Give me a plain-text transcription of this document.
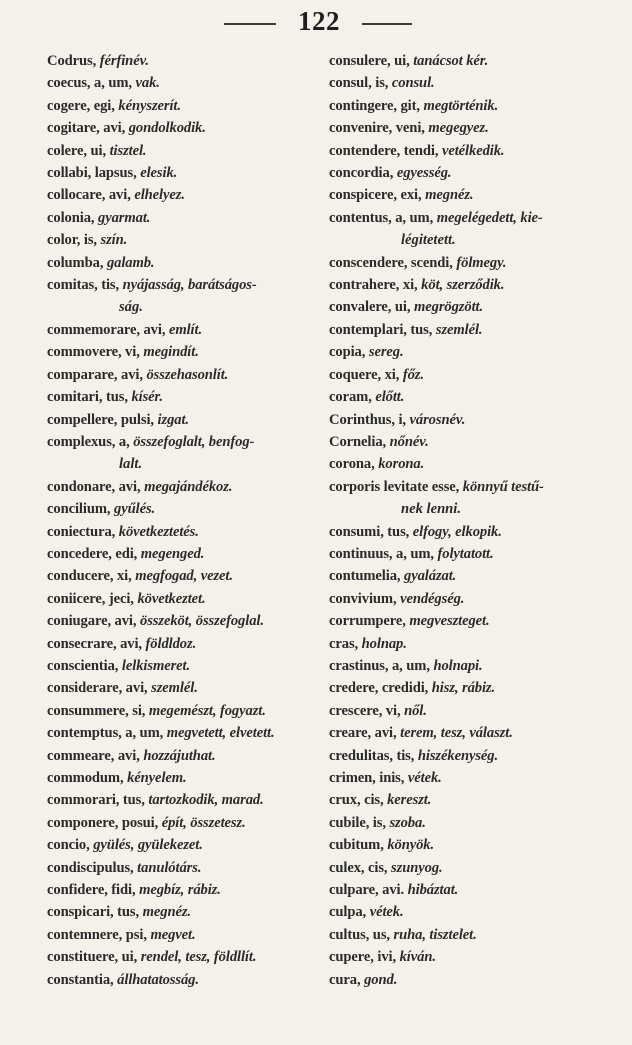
122
Codrus, férfinév.
coecus, a, um, vak.
cogere, egi, kényszerít.
cogitare, avi, gondolkodik.
colere, ui, tisztel.
collabi, lapsus, elesik.
collocare, avi, elhelyez.
colonia, gyarmat.
color, is, szín.
columba, galamb.
comitas, tis, nyájasság, barátságos-
ság.
commemorare, avi, említ.
commovere, vi, megindít.
comparare, avi, összehasonlít.
comitari, tus, kísér.
compellere, pulsi, izgat.
complexus, a, összefoglalt, benfog-
lalt.
condonare, avi, megajándékoz.
concilium, gyűlés.
coniectura, következtetés.
concedere, edi, megenged.
conducere, xi, megfogad, vezet.
coniicere, jeci, következtet.
coniugare, avi, összeköt, összefoglal.
consecrare, avi, földldoz.
conscientia, lelkismeret.
considerare, avi, szemlél.
consummere, si, megemészt, fogyazt.
contemptus, a, um, megvetett, elvetett.
commeare, avi, hozzájuthat.
commodum, kényelem.
commorari, tus, tartozkodik, marad.
componere, posui, épít, összetesz.
concio, gyülés, gyülekezet.
condiscipulus, tanulótárs.
confidere, fidi, megbíz, rábiz.
conspicari, tus, megnéz.
contemnere, psi, megvet.
constituere, ui, rendel, tesz, földllít.
constantia, állhatatosság.
consulere, ui, tanácsot kér.
consul, is, consul.
contingere, git, megtörténik.
convenire, veni, megegyez.
contendere, tendi, vetélkedik.
concordia, egyesség.
conspicere, exi, megnéz.
contentus, a, um, megelégedett, kie-
légitetett.
conscendere, scendi, fölmegy.
contrahere, xi, köt, szerződik.
convalere, ui, megrögzött.
contemplari, tus, szemlél.
copia, sereg.
coquere, xi, főz.
coram, előtt.
Corinthus, i, városnév.
Cornelia, nőnév.
corona, korona.
corporis levitate esse, könnyű testű-
nek lenni.
consumi, tus, elfogy, elkopik.
continuus, a, um, folytatott.
contumelia, gyalázat.
convivium, vendégség.
corrumpere, megveszteget.
cras, holnap.
crastinus, a, um, holnapi.
credere, credidi, hisz, rábiz.
crescere, vi, nől.
creare, avi, terem, tesz, választ.
credulitas, tis, hiszékenység.
crimen, inis, vétek.
crux, cis, kereszt.
cubile, is, szoba.
cubitum, könyök.
culex, cis, szunyog.
culpare, avi. hibáztat.
culpa, vétek.
cultus, us, ruha, tisztelet.
cupere, ivi, kíván.
cura, gond.
